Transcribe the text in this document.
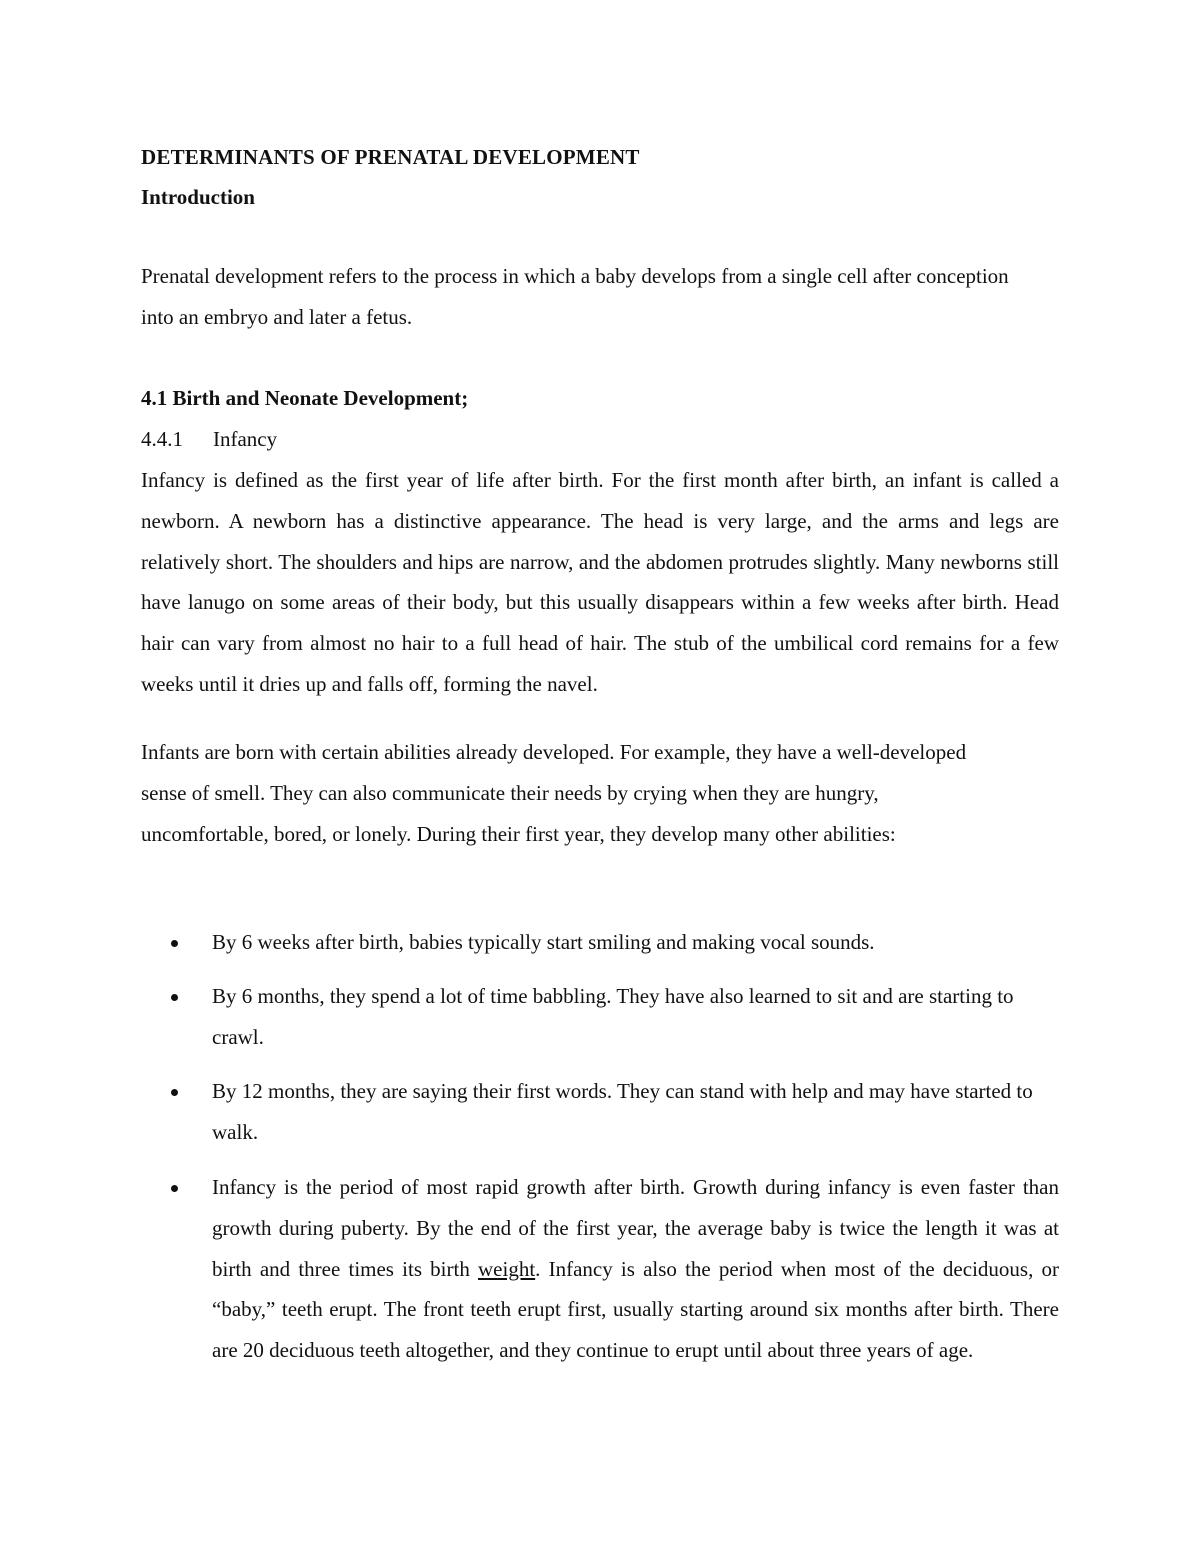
DETERMINANTS OF PRENATAL DEVELOPMENT
Introduction

Prenatal development refers to the process in which a baby develops from a single cell after conception into an embryo and later a fetus.

4.1 Birth and Neonate Development;
4.4.1 Infancy

Infancy is defined as the first year of life after birth. For the first month after birth, an infant is called a newborn. A newborn has a distinctive appearance. The head is very large, and the arms and legs are relatively short. The shoulders and hips are narrow, and the abdomen protrudes slightly. Many newborns still have lanugo on some areas of their body, but this usually disappears within a few weeks after birth. Head hair can vary from almost no hair to a full head of hair. The stub of the umbilical cord remains for a few weeks until it dries up and falls off, forming the navel.

Infants are born with certain abilities already developed. For example, they have a well-developed sense of smell. They can also communicate their needs by crying when they are hungry, uncomfortable, bored, or lonely. During their first year, they develop many other abilities:

By 6 weeks after birth, babies typically start smiling and making vocal sounds.
By 6 months, they spend a lot of time babbling. They have also learned to sit and are starting to crawl.
By 12 months, they are saying their first words. They can stand with help and may have started to walk.
Infancy is the period of most rapid growth after birth. Growth during infancy is even faster than growth during puberty. By the end of the first year, the average baby is twice the length it was at birth and three times its birth weight. Infancy is also the period when most of the deciduous, or “baby,” teeth erupt. The front teeth erupt first, usually starting around six months after birth. There are 20 deciduous teeth altogether, and they continue to erupt until about three years of age.
